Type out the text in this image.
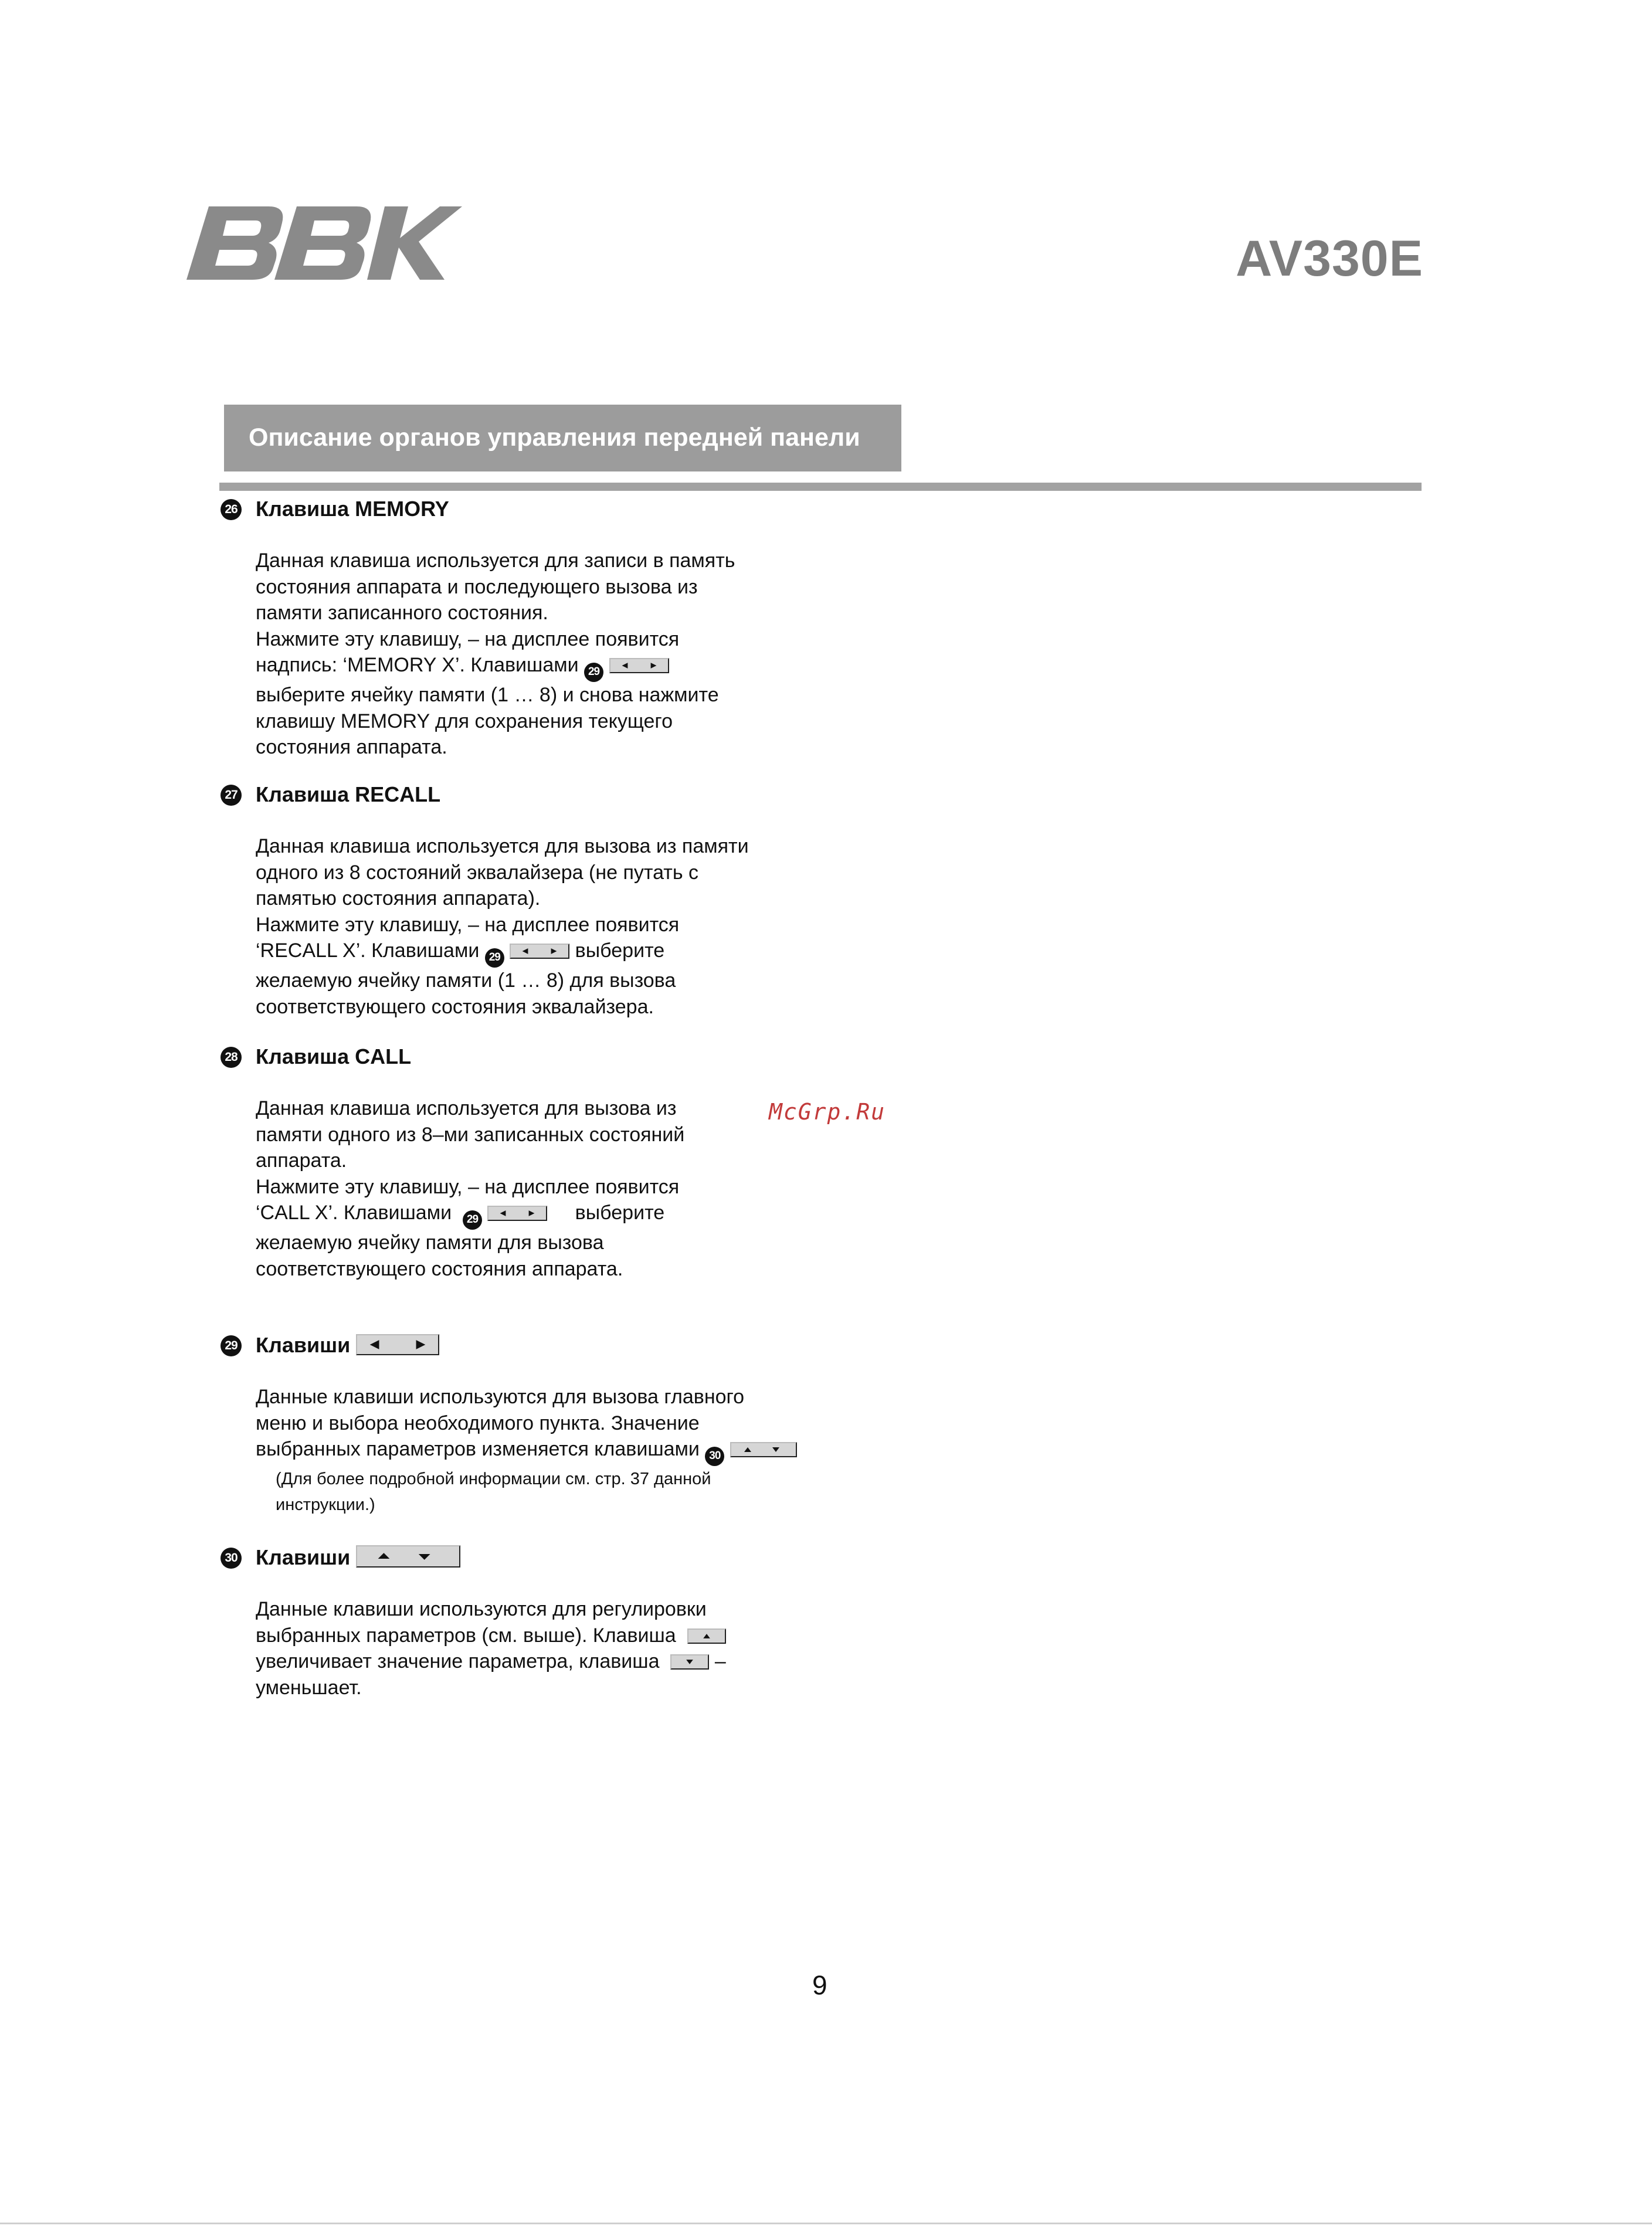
AV330E
Описание органов управления передней панели
26 Клавиша MEMORY
Данная клавиша используется для записи в память
состояния аппарата и последующего вызова из
памяти записанного состояния.
Нажмите эту клавишу, – на дисплее появится
надпись: ‘MEMORY X’. Клавишами 29
выберите ячейку памяти (1 … 8) и снова нажмите
клавишу MEMORY для сохранения текущего
состояния аппарата.
27 Клавиша RECALL
Данная клавиша используется для вызова из памяти
одного из 8 состояний эквалайзера (не путать с
памятью состояния аппарата).
Нажмите эту клавишу, – на дисплее появится
‘RECALL X’. Клавишами 29	выберите
желаемую ячейку памяти (1 … 8) для вызова
соответствующего состояния эквалайзера.
28 Клавиша CALL
Данная клавиша используется для вызова из
памяти одного из 8–ми записанных состояний
аппарата.
Нажмите эту клавишу, – на дисплее появится
‘CALL X’. Клавишами 29	выберите
желаемую ячейку памяти для вызова
соответствующего состояния аппарата.
29 Клавиши
Данные клавиши используются для вызова главного
меню и выбора необходимого пункта. Значение
выбранных параметров изменяется клавишами 30
(Для более подробной информации см. стр. 37 данной
инструкции.)
30 Клавиши
Данные клавиши используются для регулировки
выбранных параметров (см. выше). Клавиша
увеличивает значение параметра, клавиша	–
уменьшает.
McGrp.Ru
9
